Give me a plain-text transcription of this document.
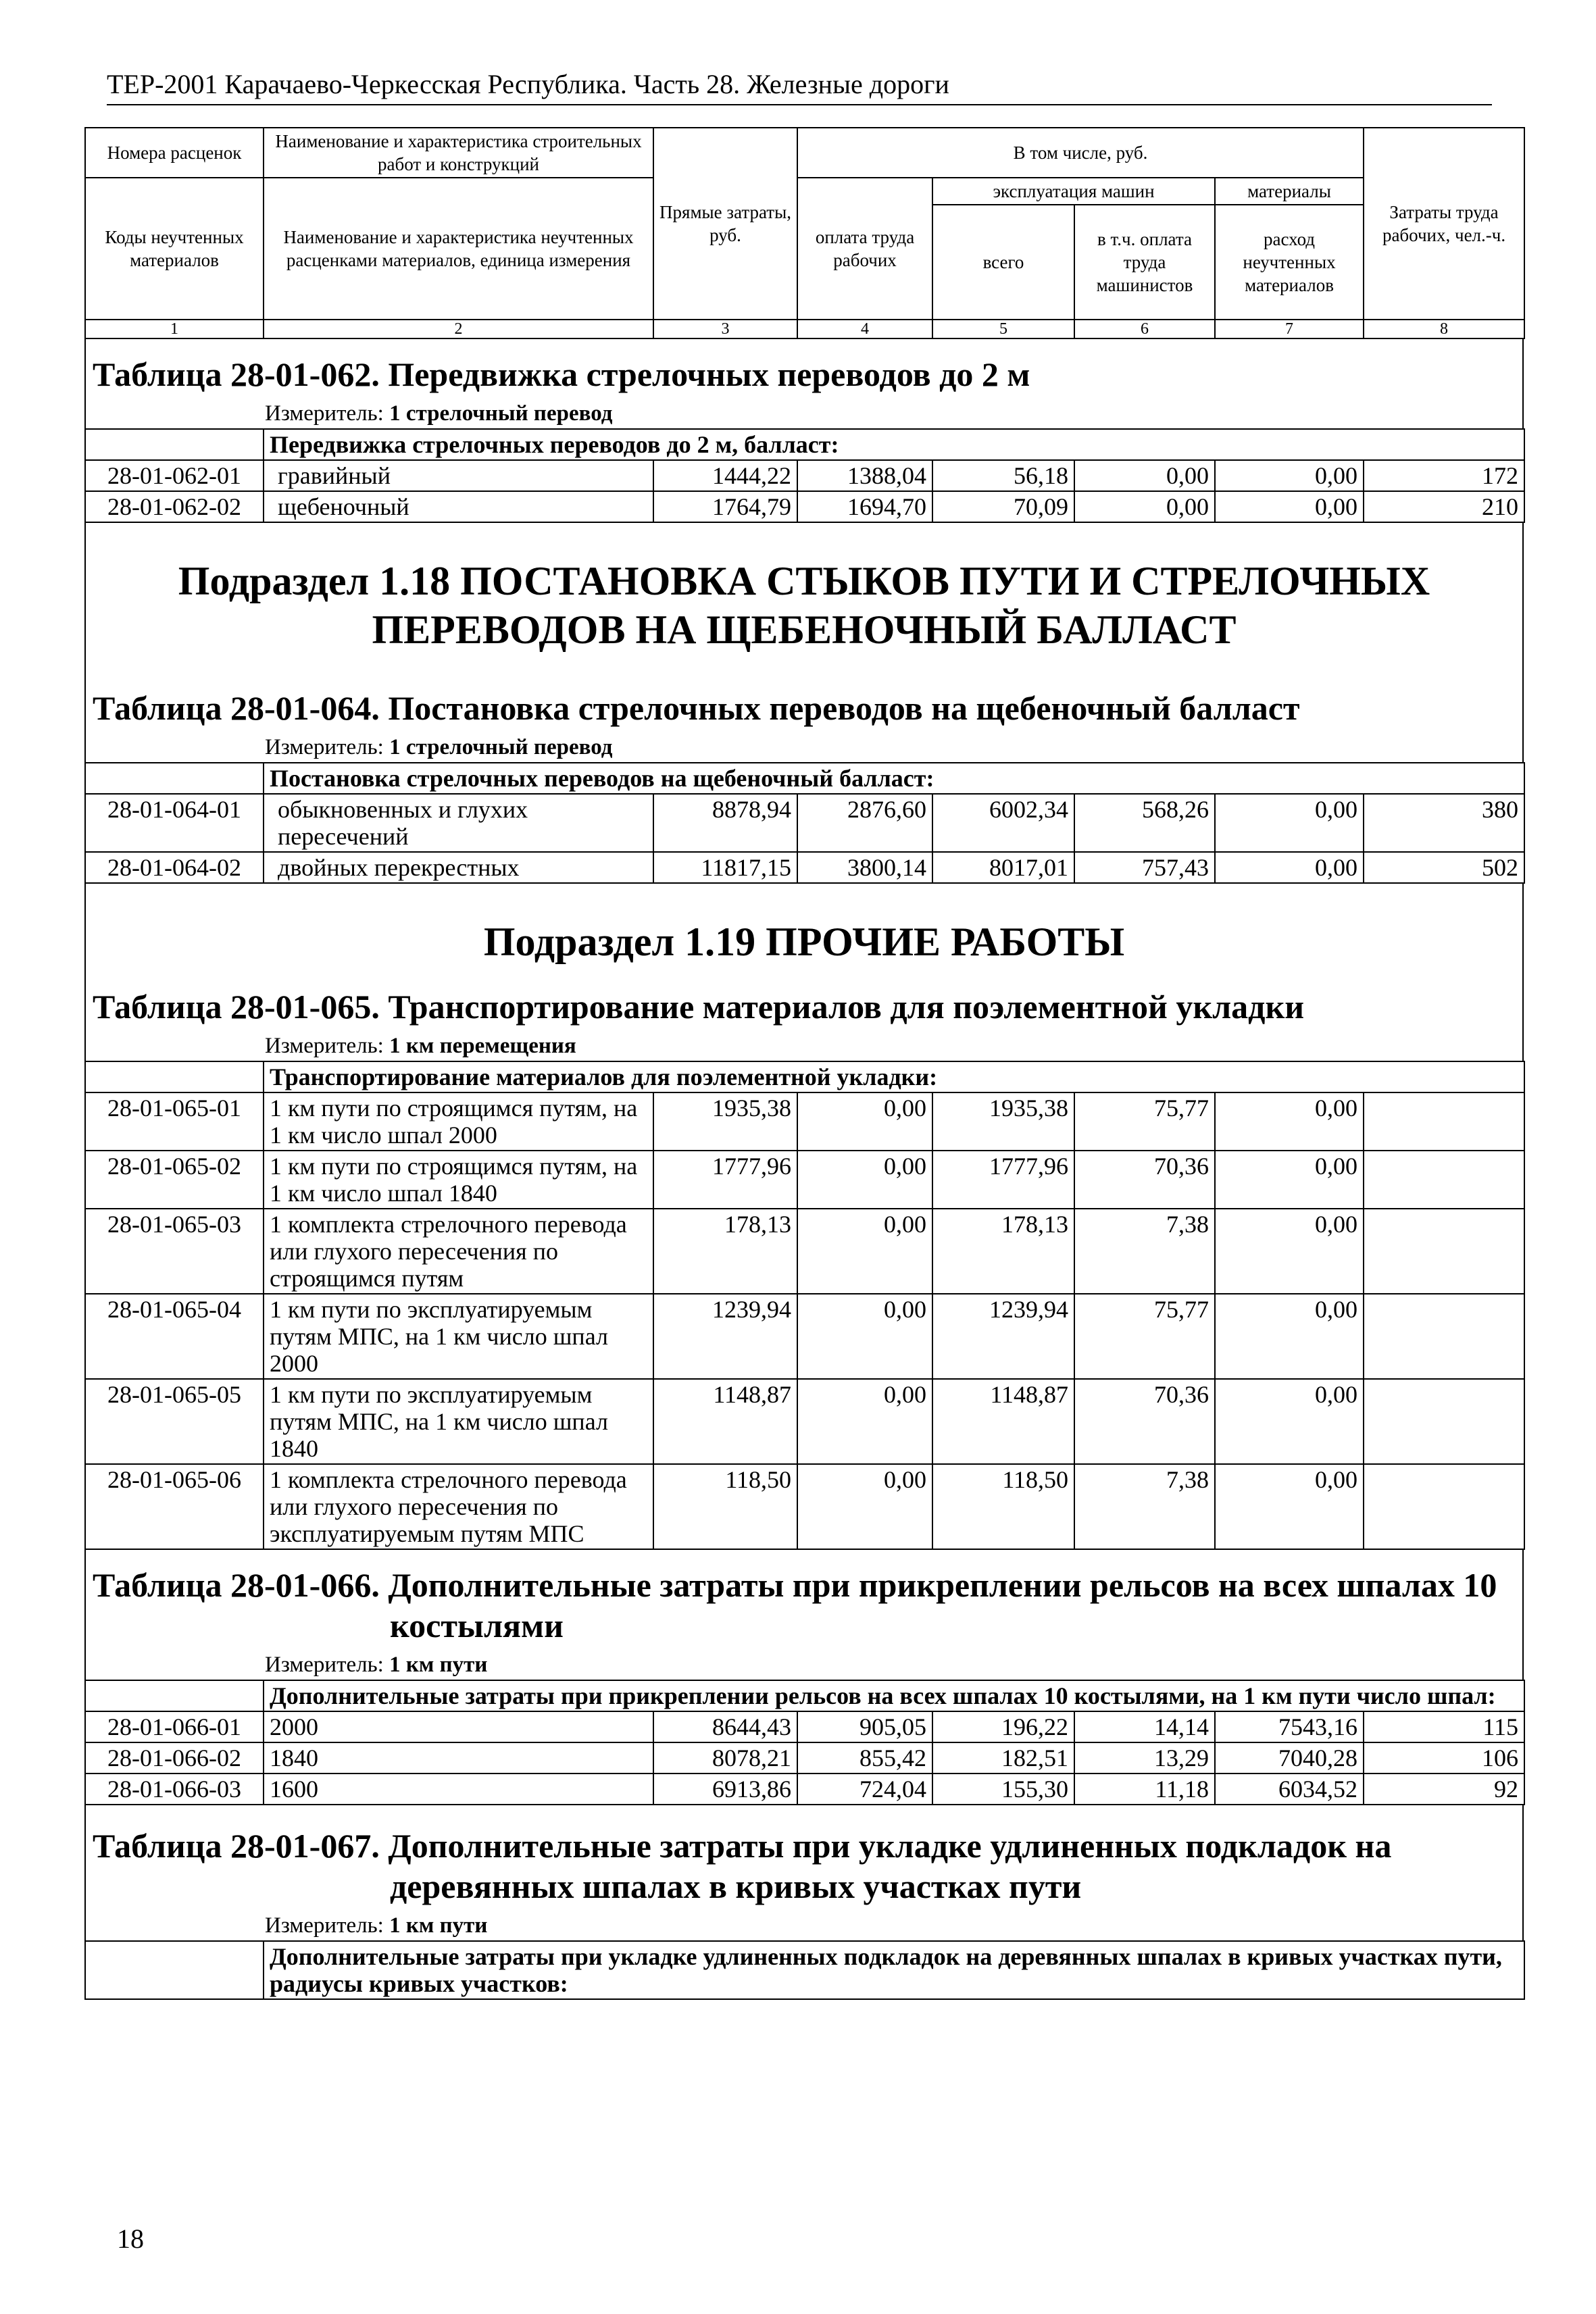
ТЕР-2001 Карачаево-Черкесская Республика. Часть 28. Железные дороги
Номера расценок	Наименование и характеристика строительных работ и конструкций	Прямые затраты, руб.	В том числе, руб.				Затраты труда рабочих, чел.-ч.
Коды неучтенных материалов	Наименование и характеристика неучтенных расценками материалов, единица измерения		оплата труда рабочих	эксплуатация машин		материалы	
				всего	в т.ч. оплата труда машинистов	расход неучтенных материалов	
1	2	3	4	5	6	7	8
Таблица 28-01-062. Передвижка стрелочных переводов до 2 м
Измеритель: 1 стрелочный перевод
	Передвижка стрелочных переводов до 2 м, балласт:						
28-01-062-01	гравийный	1444,22	1388,04	56,18	0,00	0,00	172
28-01-062-02	щебеночный	1764,79	1694,70	70,09	0,00	0,00	210
Подраздел 1.18 ПОСТАНОВКА СТЫКОВ ПУТИ И СТРЕЛОЧНЫХ ПЕРЕВОДОВ НА ЩЕБЕНОЧНЫЙ БАЛЛАСТ
Таблица 28-01-064. Постановка стрелочных переводов на щебеночный балласт
Измеритель: 1 стрелочный перевод
	Постановка стрелочных переводов на щебеночный балласт:						
28-01-064-01	обыкновенных и глухих пересечений	8878,94	2876,60	6002,34	568,26	0,00	380
28-01-064-02	двойных перекрестных	11817,15	3800,14	8017,01	757,43	0,00	502
Подраздел 1.19 ПРОЧИЕ РАБОТЫ
Таблица 28-01-065. Транспортирование материалов для поэлементной укладки
Измеритель: 1 км перемещения
	Транспортирование материалов для поэлементной укладки:						
28-01-065-01	1 км пути по строящимся путям, на 1 км число шпал 2000	1935,38	0,00	1935,38	75,77	0,00	
28-01-065-02	1 км пути по строящимся путям, на 1 км число шпал 1840	1777,96	0,00	1777,96	70,36	0,00	
28-01-065-03	1 комплекта стрелочного перевода или глухого пересечения по строящимся путям	178,13	0,00	178,13	7,38	0,00	
28-01-065-04	1 км пути по эксплуатируемым путям МПС, на 1 км число шпал 2000	1239,94	0,00	1239,94	75,77	0,00	
28-01-065-05	1 км пути по эксплуатируемым путям МПС, на 1 км число шпал 1840	1148,87	0,00	1148,87	70,36	0,00	
28-01-065-06	1 комплекта стрелочного перевода или глухого пересечения по эксплуатируемым путям МПС	118,50	0,00	118,50	7,38	0,00	
Таблица 28-01-066. Дополнительные затраты при прикреплении рельсов на всех шпалах 10 костылями
Измеритель: 1 км пути
	Дополнительные затраты при прикреплении рельсов на всех шпалах 10 костылями, на 1 км пути число шпал:						
28-01-066-01	2000	8644,43	905,05	196,22	14,14	7543,16	115
28-01-066-02	1840	8078,21	855,42	182,51	13,29	7040,28	106
28-01-066-03	1600	6913,86	724,04	155,30	11,18	6034,52	92
Таблица 28-01-067. Дополнительные затраты при укладке удлиненных подкладок на деревянных шпалах в кривых участках пути
Измеритель: 1 км пути
	Дополнительные затраты при укладке удлиненных подкладок на деревянных шпалах в кривых участках пути, радиусы кривых участков:
18
